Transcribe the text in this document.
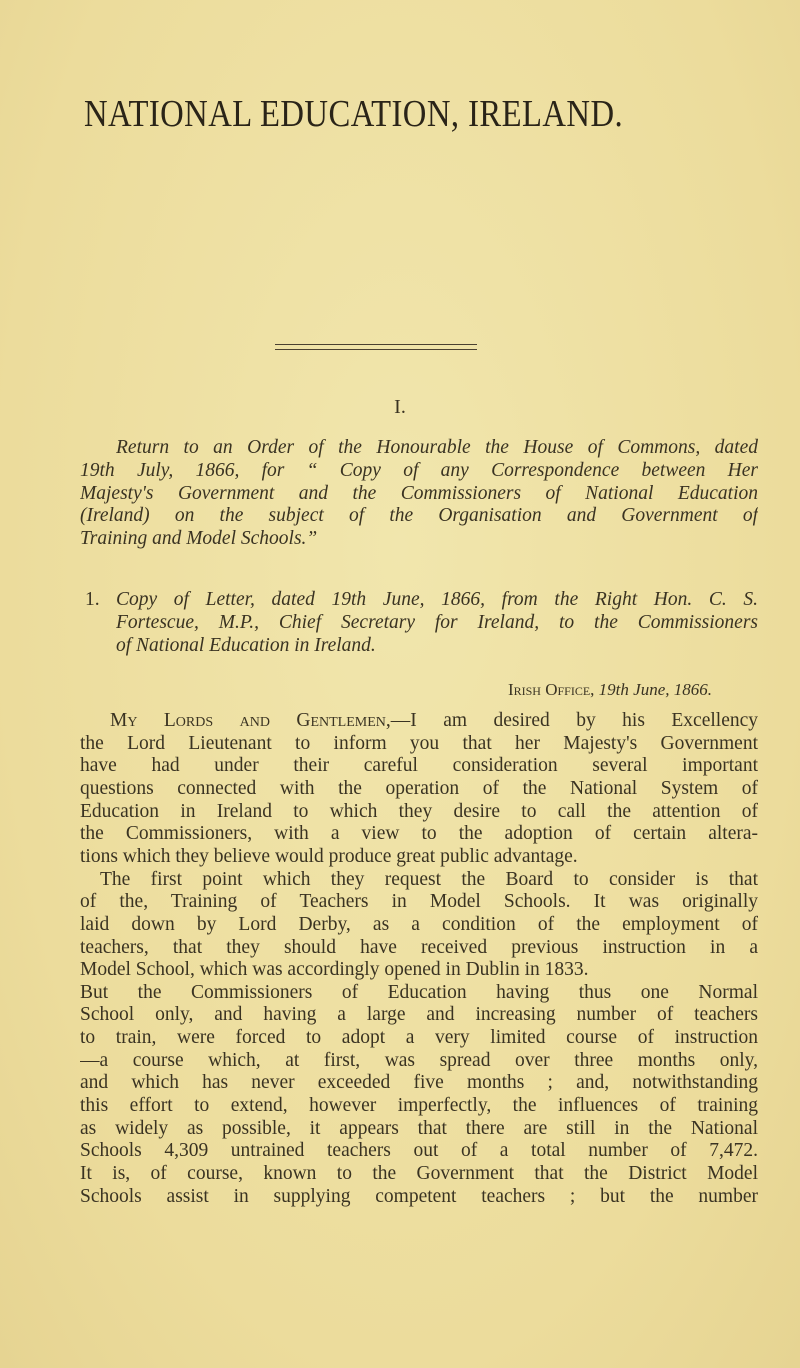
NATIONAL EDUCATION, IRELAND.
I.
Return to an Order of the Honourable the House of Commons, dated
19th July, 1866, for “ Copy of any Correspondence between Her
Majesty's Government and the Commissioners of National Education
(Ireland) on the subject of the Organisation and Government of
Training and Model Schools.”
1. Copy of Letter, dated 19th June, 1866, from the Right Hon. C. S.
Fortescue, M.P., Chief Secretary for Ireland, to the Commissioners
of National Education in Ireland.
Irish Office, 19th June, 1866.
My Lords and Gentlemen,—I am desired by his Excellency
the Lord Lieutenant to inform you that her Majesty's Government
have had under their careful consideration several important
questions connected with the operation of the National System of
Education in Ireland to which they desire to call the attention of
the Commissioners, with a view to the adoption of certain altera-
tions which they believe would produce great public advantage.
The first point which they request the Board to consider is that
of the, Training of Teachers in Model Schools. It was originally
laid down by Lord Derby, as a condition of the employment of
teachers, that they should have received previous instruction in a
Model School, which was accordingly opened in Dublin in 1833.
But the Commissioners of Education having thus one Normal
School only, and having a large and increasing number of teachers
to train, were forced to adopt a very limited course of instruction
—a course which, at first, was spread over three months only,
and which has never exceeded five months ; and, notwithstanding
this effort to extend, however imperfectly, the influences of training
as widely as possible, it appears that there are still in the National
Schools 4,309 untrained teachers out of a total number of 7,472.
It is, of course, known to the Government that the District Model
Schools assist in supplying competent teachers ; but the number
